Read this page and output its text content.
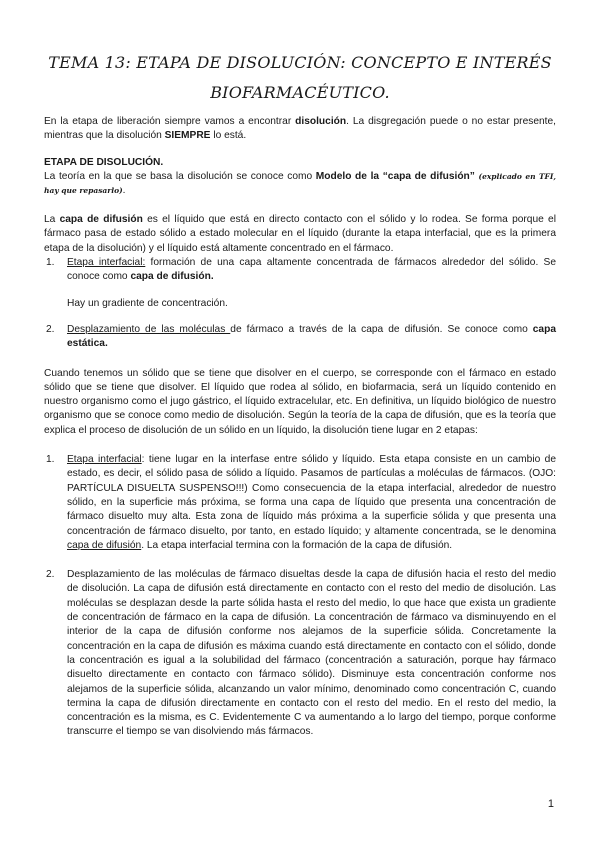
TEMA 13: ETAPA DE DISOLUCIÓN: CONCEPTO E INTERÉS
BIOFARMACÉUTICO.

En la etapa de liberación siempre vamos a encontrar disolución. La disgregación puede o no estar presente, mientras que la disolución SIEMPRE lo está.

ETAPA DE DISOLUCIÓN.

La teoría en la que se basa la disolución se conoce como Modelo de la “capa de difusión” (explicado en TFI, hay que repasarlo).

La capa de difusión es el líquido que está en directo contacto con el sólido y lo rodea. Se forma porque el fármaco pasa de estado sólido a estado molecular en el líquido (durante la etapa interfacial, que es la primera etapa de la disolución) y el líquido está altamente concentrado en el fármaco.

1. Etapa interfacial: formación de una capa altamente concentrada de fármacos alrededor del sólido. Se conoce como capa de difusión.

Hay un gradiente de concentración.

2. Desplazamiento de las moléculas de fármaco a través de la capa de difusión. Se conoce como capa estática.

Cuando tenemos un sólido que se tiene que disolver en el cuerpo, se corresponde con el fármaco en estado sólido que se tiene que disolver. El líquido que rodea al sólido, en biofarmacia, será un líquido contenido en nuestro organismo como el jugo gástrico, el líquido extracelular, etc. En definitiva, un líquido biológico de nuestro organismo que se conoce como medio de disolución. Según la teoría de la capa de difusión, que es la teoría que explica el proceso de disolución de un sólido en un líquido, la disolución tiene lugar en 2 etapas:

1. Etapa interfacial: tiene lugar en la interfase entre sólido y líquido. Esta etapa consiste en un cambio de estado, es decir, el sólido pasa de sólido a líquido. Pasamos de partículas a moléculas de fármacos. (OJO: PARTÍCULA DISUELTA SUSPENSO!!!) Como consecuencia de la etapa interfacial, alrededor de nuestro sólido, en la superficie más próxima, se forma una capa de líquido que presenta una concentración de fármaco disuelto muy alta. Esta zona de líquido más próxima a la superficie sólida y que presenta una concentración de fármaco disuelto, por tanto, en estado líquido; y altamente concentrada, se le denomina capa de difusión. La etapa interfacial termina con la formación de la capa de difusión.
2. Desplazamiento de las moléculas de fármaco disueltas desde la capa de difusión hacia el resto del medio de disolución. La capa de difusión está directamente en contacto con el resto del medio de disolución. Las moléculas se desplazan desde la parte sólida hasta el resto del medio, lo que hace que exista un gradiente de concentración de fármaco en la capa de difusión. La concentración de fármaco va disminuyendo en el interior de la capa de difusión conforme nos alejamos de la superficie sólida. Concretamente la concentración en la capa de difusión es máxima cuando está directamente en contacto con el sólido, donde la concentración es igual a la solubilidad del fármaco (concentración a saturación, porque hay fármaco disuelto directamente en contacto con fármaco sólido). Disminuye esta concentración conforme nos alejamos de la superficie sólida, alcanzando un valor mínimo, denominado como concentración C, cuando termina la capa de difusión directamente en contacto con el resto del medio. En el resto del medio, la concentración es la misma, es C. Evidentemente C va aumentando a lo largo del tiempo, porque conforme transcurre el tiempo se van disolviendo más fármacos.
1
